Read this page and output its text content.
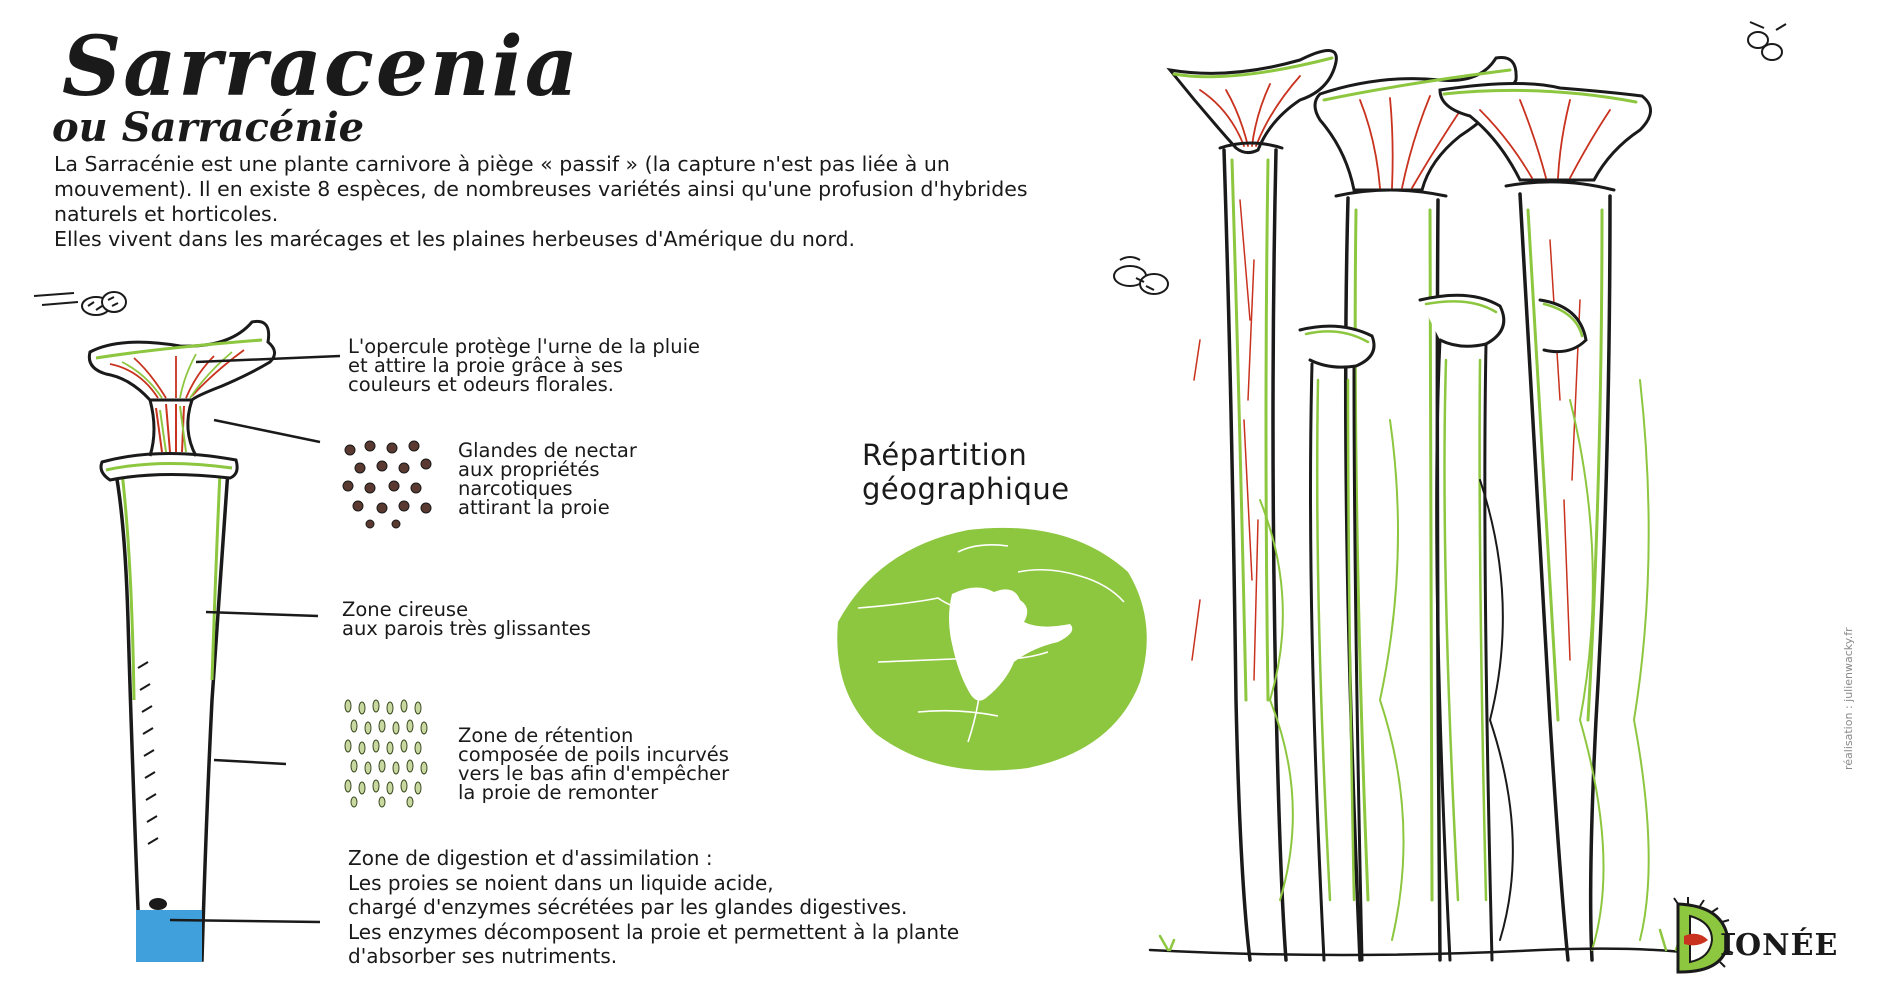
Sarracenia
ou Sarracénie

La Sarracénie est une plante carnivore à piège « passif » (la capture n'est pas liée à un mouvement). Il en existe 8 espèces, de nombreuses variétés ainsi qu'une profusion d'hybrides naturels et horticoles.

Elles vivent dans les marécages et les plaines herbeuses d'Amérique du nord.

L'opercule protège l'urne de la pluie
et attire la proie grâce à ses
couleurs et odeurs florales.
Glandes de nectar
aux propriétés
narcotiques
attirant la proie
Zone cireuse
aux parois très glissantes
Zone de rétention
composée de poils incurvés
vers le bas afin d'empêcher
la proie de remonter
Zone de digestion et d'assimilation :
Les proies se noient dans un liquide acide,
chargé d'enzymes sécrétées par les glandes digestives.
Les enzymes décomposent la proie et permettent à la plante
d'absorber ses nutriments.
Répartition
géographique
réalisation : julienwacky.fr
IONÉE
